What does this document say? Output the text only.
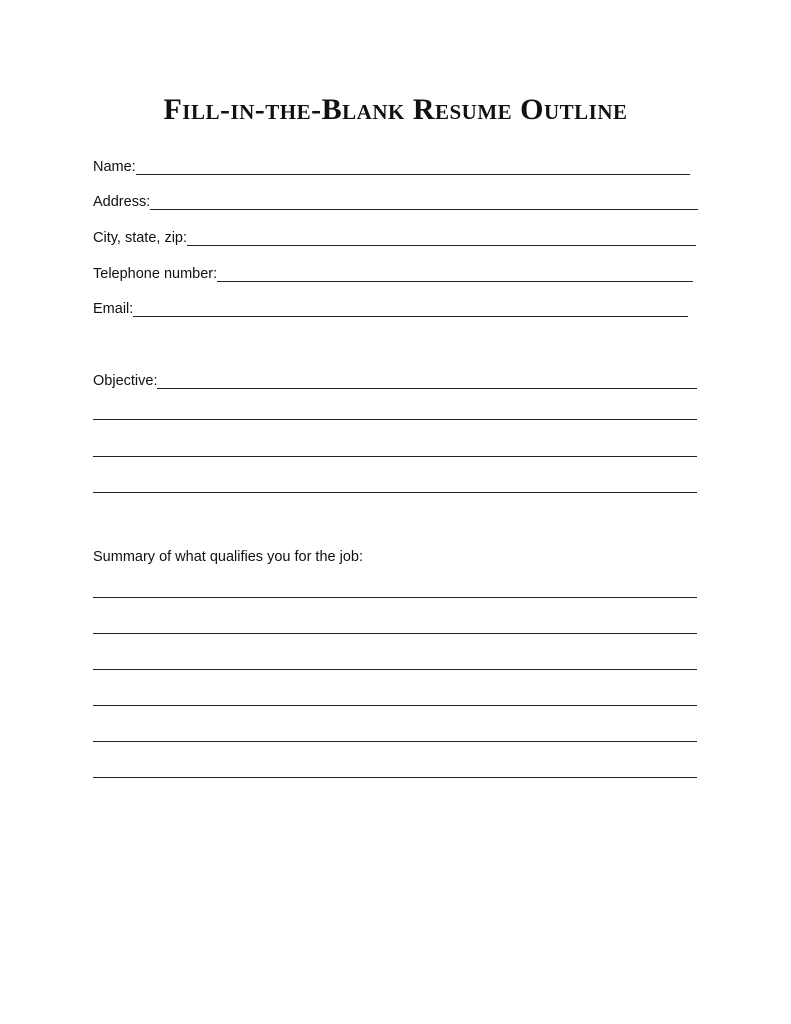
Fill-in-the-Blank Resume Outline
Name:
Address:
City, state, zip:
Telephone number:
Email:
Objective:
Summary of what qualifies you for the job:
